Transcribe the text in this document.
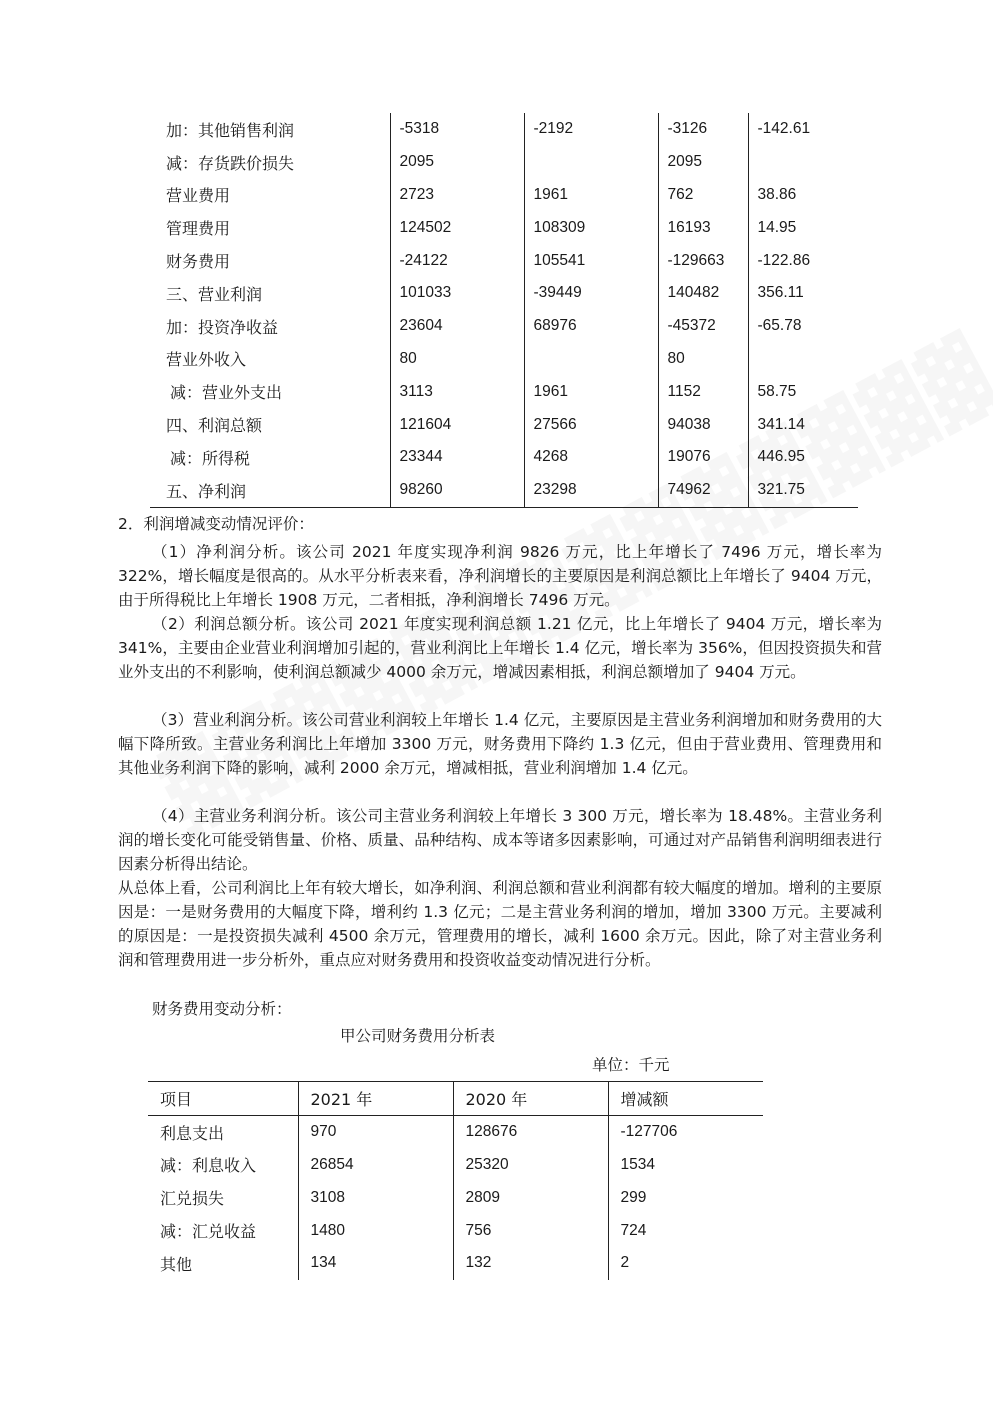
加：其他销售利润	-5318	-2192	-3126	-142.61
减：存货跌价损失	2095		2095	
营业费用	2723	1961	762	38.86
管理费用	124502	108309	16193	14.95
财务费用	-24122	105541	-129663	-122.86
三、营业利润	101033	-39449	140482	356.11
加：投资净收益	23604	68976	-45372	-65.78
营业外收入	80		80	
减：营业外支出	3113	1961	1152	58.75
四、利润总额	121604	27566	94038	341.14
减：所得税	23344	4268	19076	446.95
五、净利润	98260	23298	74962	321.75

2．利润增减变动情况评价：

（1）净利润分析。该公司 2021 年度实现净利润 9826 万元，比上年增长了 7496 万元，增长率为 322%，增长幅度是很高的。从水平分析表来看，净利润增长的主要原因是利润总额比上年增长了 9404 万元，由于所得税比上年增长 1908 万元，二者相抵，净利润增长 7496 万元。

（2）利润总额分析。该公司 2021 年度实现利润总额 1.21 亿元，比上年增长了 9404 万元，增长率为 341%，主要由企业营业利润增加引起的，营业利润比上年增长 1.4 亿元，增长率为 356%，但因投资损失和营业外支出的不利影响，使利润总额减少 4000 余万元，增减因素相抵，利润总额增加了 9404 万元。

（3）营业利润分析。该公司营业利润较上年增长 1.4 亿元，主要原因是主营业务利润增加和财务费用的大幅下降所致。主营业务利润比上年增加 3300 万元，财务费用下降约 1.3 亿元，但由于营业费用、管理费用和其他业务利润下降的影响，减利 2000 余万元，增减相抵，营业利润增加 1.4 亿元。

（4）主营业务利润分析。该公司主营业务利润较上年增长 3 300 万元，增长率为 18.48%。主营业务利润的增长变化可能受销售量、价格、质量、品种结构、成本等诸多因素影响，可通过对产品销售利润明细表进行因素分析得出结论。

从总体上看，公司利润比上年有较大增长，如净利润、利润总额和营业利润都有较大幅度的增加。增利的主要原因是：一是财务费用的大幅度下降，增利约 1.3 亿元；二是主营业务利润的增加，增加 3300 万元。主要减利的原因是：一是投资损失减利 4500 余万元，管理费用的增长，减利 1600 余万元。因此，除了对主营业务利润和管理费用进一步分析外，重点应对财务费用和投资收益变动情况进行分析。

财务费用变动分析：

甲公司财务费用分析表

单位：千元

项目	2021 年	2020 年	增减额
利息支出	970	128676	-127706
减：利息收入	26854	25320	1534
汇兑损失	3108	2809	299
减：汇兑收益	1480	756	724
其他	134	132	2
